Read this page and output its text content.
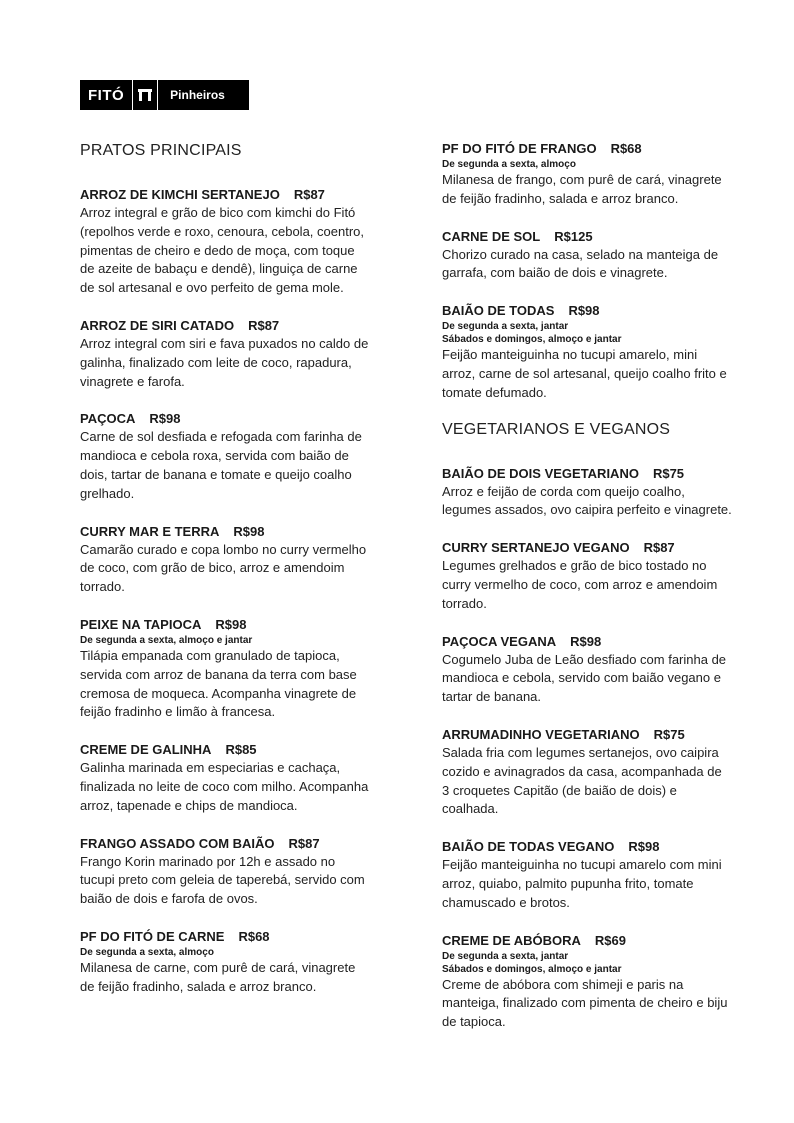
FITÓ	Pinheiros
PRATOS PRINCIPAIS
ARROZ DE KIMCHI SERTANEJO R$87
Arroz integral e grão de bico com kimchi do Fitó (repolhos verde e roxo, cenoura, cebola, coentro, pimentas de cheiro e dedo de moça, com toque de azeite de babaçu e dendê), linguiça de carne de sol artesanal e ovo perfeito de gema mole.
ARROZ DE SIRI CATADO R$87
Arroz integral com siri e fava puxados no caldo de galinha, finalizado com leite de coco, rapadura, vinagrete e farofa.
PAÇOCA R$98
Carne de sol desfiada e refogada com farinha de mandioca e cebola roxa, servida com baião de dois, tartar de banana e tomate e queijo coalho grelhado.
CURRY MAR E TERRA R$98
Camarão curado e copa lombo no curry vermelho de coco, com grão de bico, arroz e amendoim torrado.
PEIXE NA TAPIOCA R$98
De segunda a sexta, almoço e jantar
Tilápia empanada com granulado de tapioca, servida com arroz de banana da terra com base cremosa de moqueca. Acompanha vinagrete de feijão fradinho e limão à francesa.
CREME DE GALINHA R$85
Galinha marinada em especiarias e cachaça, finalizada no leite de coco com milho. Acompanha arroz, tapenade e chips de mandioca.
FRANGO ASSADO COM BAIÃO R$87
Frango Korin marinado por 12h e assado no tucupi preto com geleia de taperebá, servido com baião de dois e farofa de ovos.
PF DO FITÓ DE CARNE R$68
De segunda a sexta, almoço
Milanesa de carne, com purê de cará, vinagrete de feijão fradinho, salada e arroz branco.
PF DO FITÓ DE FRANGO R$68
De segunda a sexta, almoço
Milanesa de frango, com purê de cará, vinagrete de feijão fradinho, salada e arroz branco.
CARNE DE SOL R$125
Chorizo curado na casa, selado na manteiga de garrafa, com baião de dois e vinagrete.
BAIÃO DE TODAS R$98
De segunda a sexta, jantar
Sábados e domingos, almoço e jantar
Feijão manteiguinha no tucupi amarelo, mini arroz, carne de sol artesanal, queijo coalho frito e tomate defumado.
VEGETARIANOS E VEGANOS
BAIÃO DE DOIS VEGETARIANO R$75
Arroz e feijão de corda com queijo coalho, legumes assados, ovo caipira perfeito e vinagrete.
CURRY SERTANEJO VEGANO R$87
Legumes grelhados e grão de bico tostado no curry vermelho de coco, com arroz e amendoim torrado.
PAÇOCA VEGANA R$98
Cogumelo Juba de Leão desfiado com farinha de mandioca e cebola, servido com baião vegano e tartar de banana.
ARRUMADINHO VEGETARIANO R$75
Salada fria com legumes sertanejos, ovo caipira cozido e avinagrados da casa, acompanhada de 3 croquetes Capitão (de baião de dois) e coalhada.
BAIÃO DE TODAS VEGANO R$98
Feijão manteiguinha no tucupi amarelo com mini arroz, quiabo, palmito pupunha frito, tomate chamuscado e brotos.
CREME DE ABÓBORA R$69
De segunda a sexta, jantar
Sábados e domingos, almoço e jantar
Creme de abóbora com shimeji e paris na manteiga, finalizado com pimenta de cheiro e biju de tapioca.
